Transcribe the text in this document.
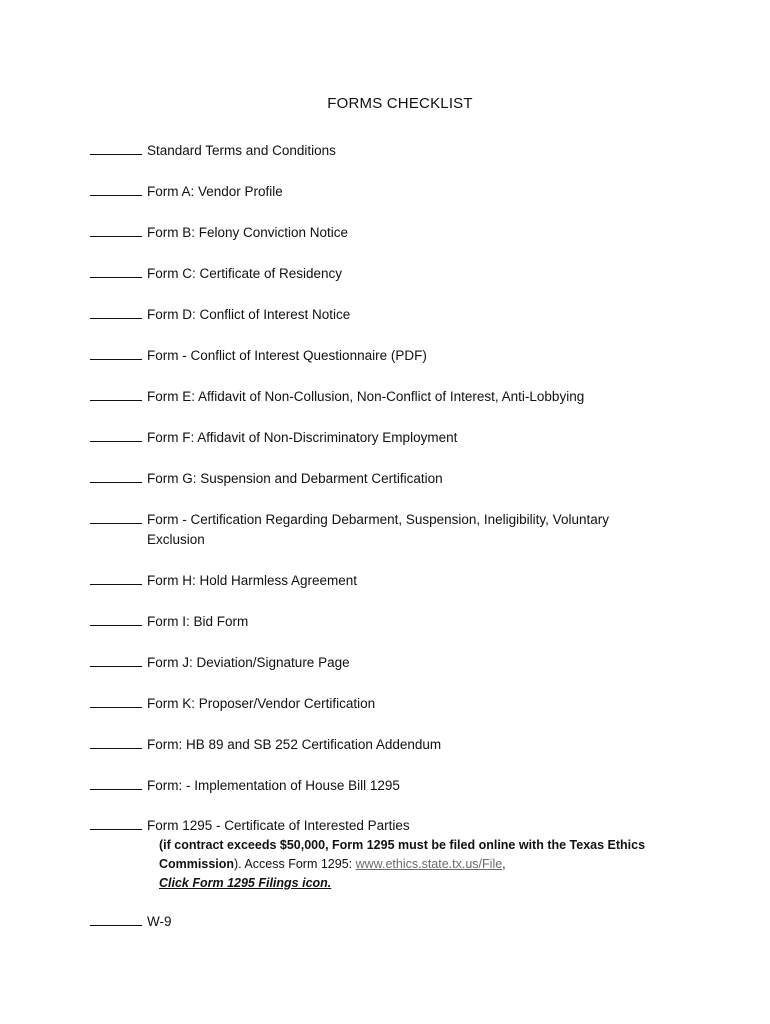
FORMS CHECKLIST
Standard Terms and Conditions
Form A: Vendor Profile
Form B: Felony Conviction Notice
Form C: Certificate of Residency
Form D: Conflict of Interest Notice
Form - Conflict of Interest Questionnaire (PDF)
Form E: Affidavit of Non-Collusion, Non-Conflict of Interest, Anti-Lobbying
Form F: Affidavit of Non-Discriminatory Employment
Form G: Suspension and Debarment Certification
Form - Certification Regarding Debarment, Suspension, Ineligibility, Voluntary
Exclusion
Form H: Hold Harmless Agreement
Form I: Bid Form
Form J: Deviation/Signature Page
Form K: Proposer/Vendor Certification
Form: HB 89 and SB 252 Certification Addendum
Form: - Implementation of House Bill 1295
Form 1295 - Certificate of Interested Parties
(if contract exceeds $50,000, Form 1295 must be filed online with the Texas Ethics
Commission). Access Form 1295: www.ethics.state.tx.us/File,
Click Form 1295 Filings icon.
W-9
